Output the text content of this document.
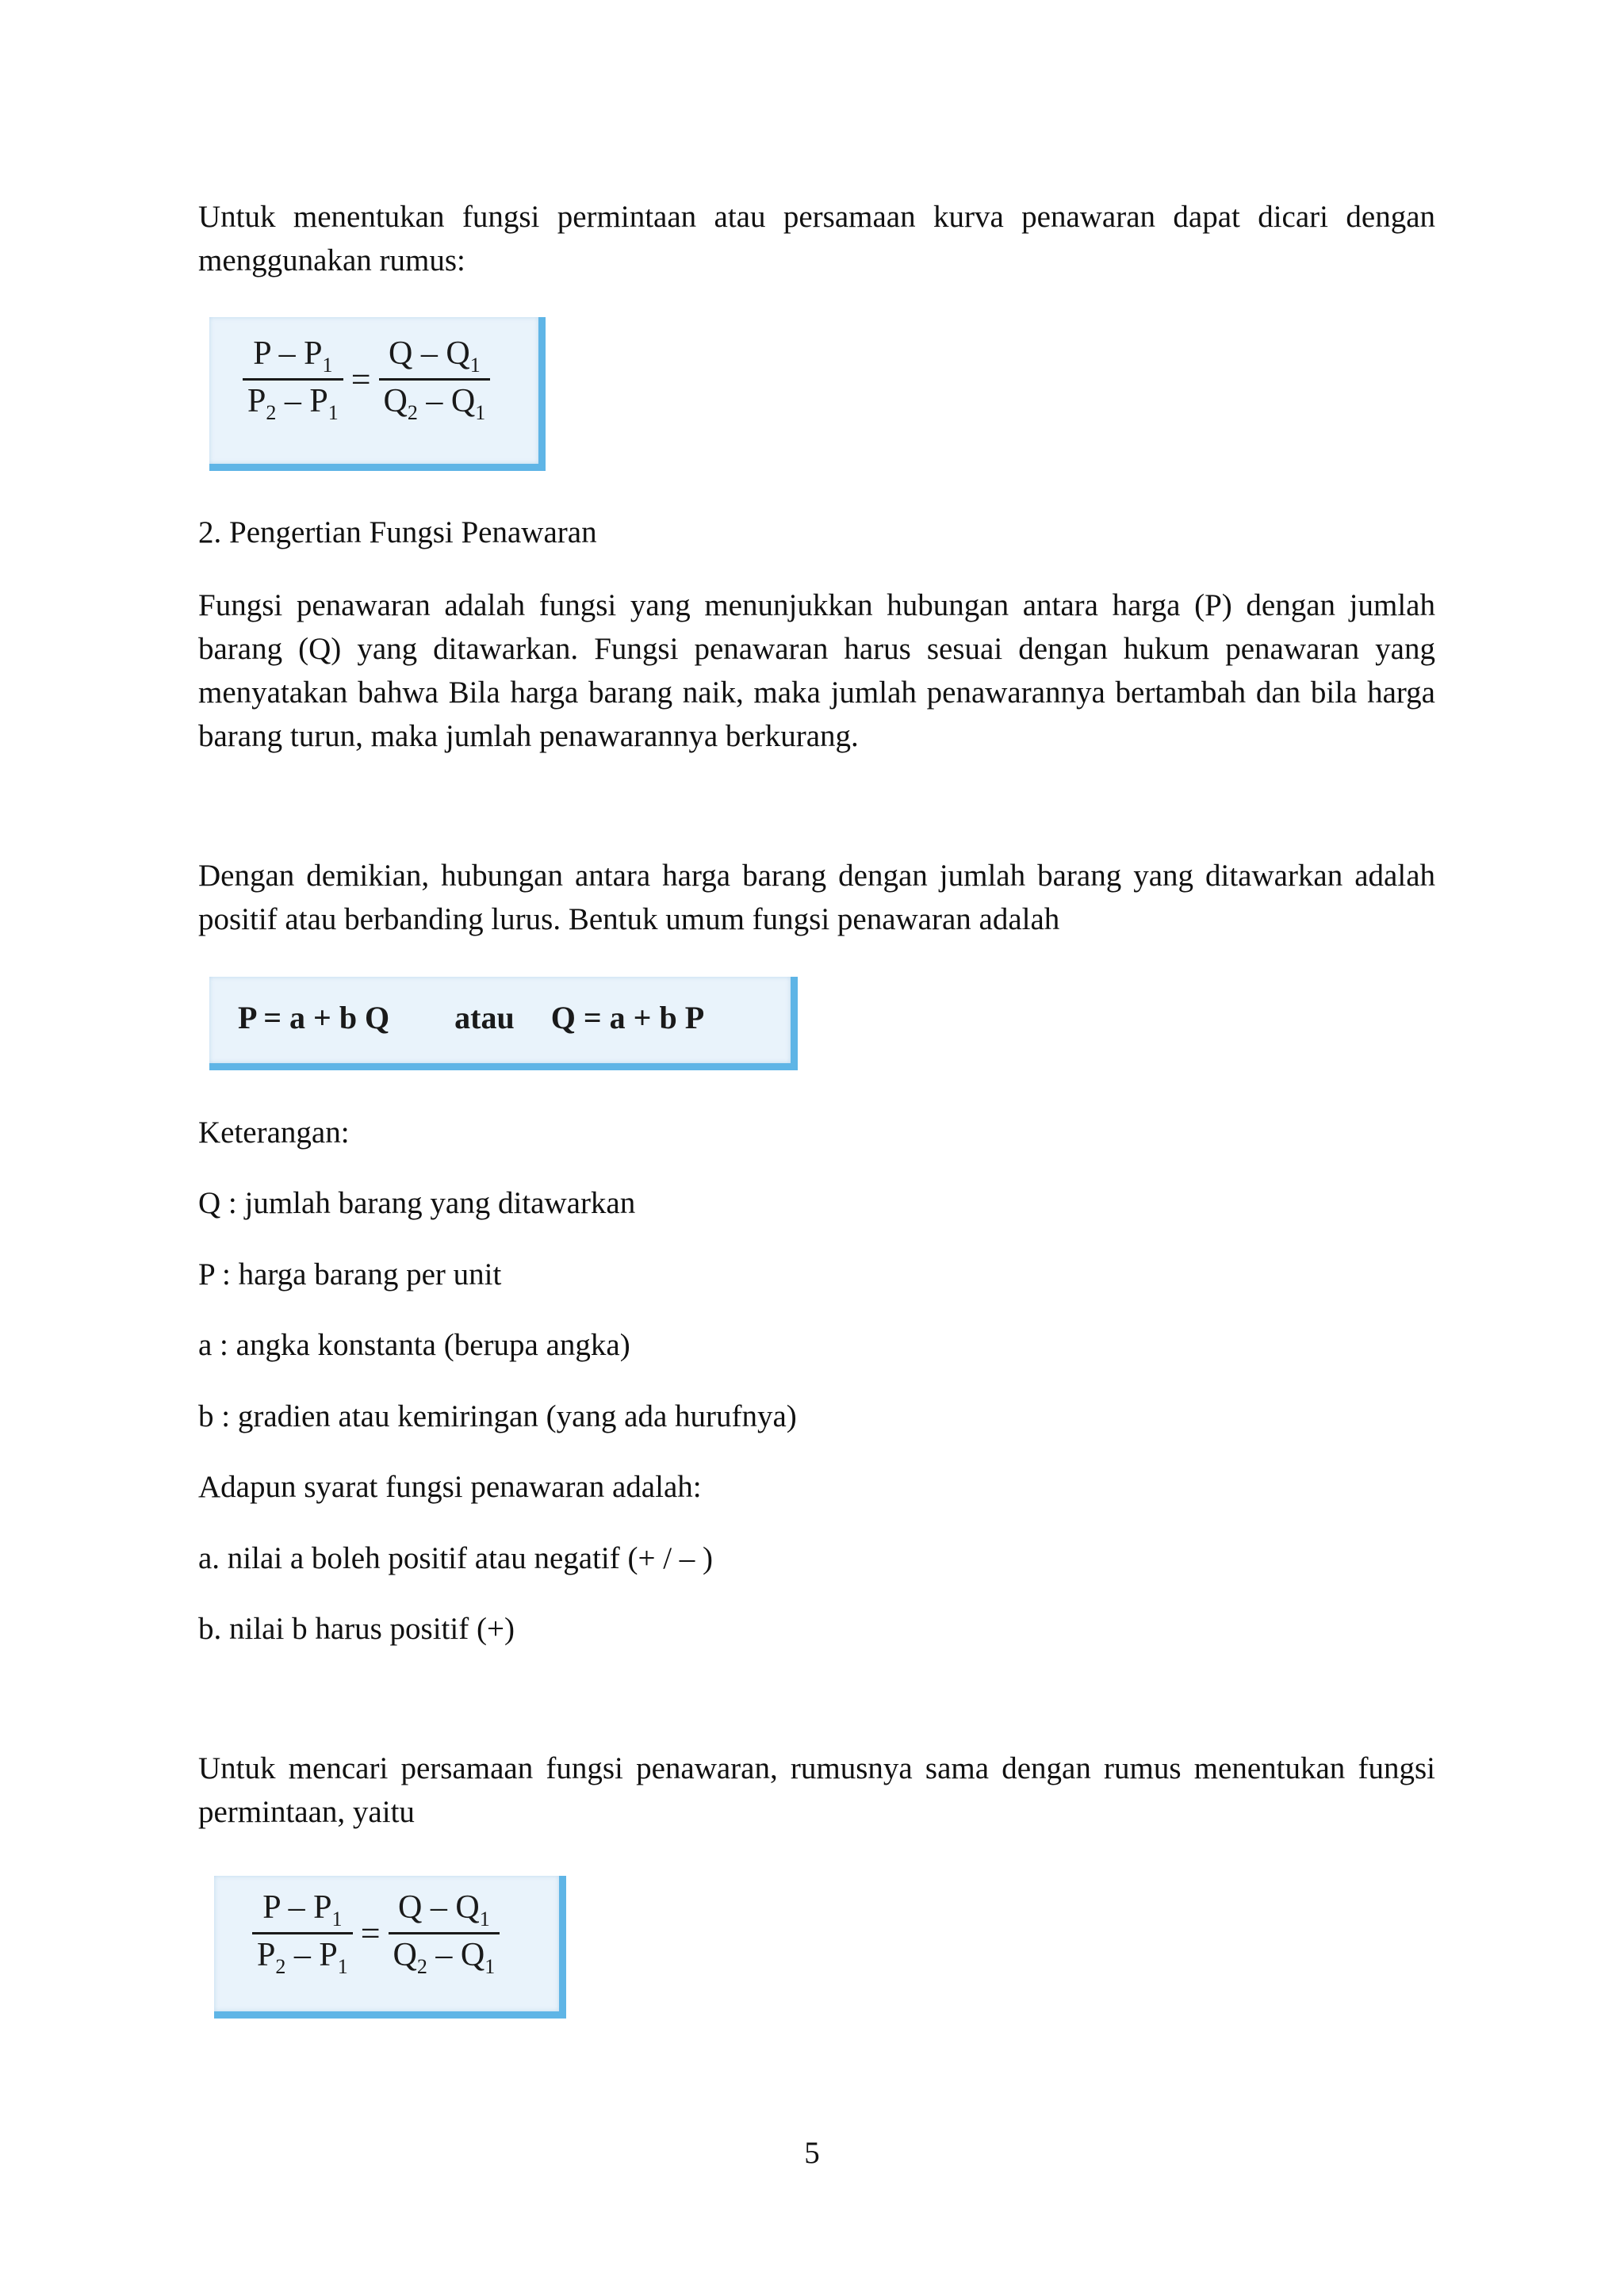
Untuk menentukan fungsi permintaan atau persamaan kurva penawaran dapat dicari dengan menggunakan rumus:

$\frac{P - P_1}{P_2 - P_1} = \frac{Q - Q_1}{Q_2 - Q_1}$

2. Pengertian Fungsi Penawaran

Fungsi penawaran adalah fungsi yang menunjukkan hubungan antara harga (P) dengan jumlah barang (Q) yang ditawarkan. Fungsi penawaran harus sesuai dengan hukum penawaran yang menyatakan bahwa Bila harga barang naik, maka jumlah penawarannya bertambah dan bila harga barang turun, maka jumlah penawarannya berkurang.

Dengan demikian, hubungan antara harga barang dengan jumlah barang yang ditawarkan adalah positif atau berbanding lurus. Bentuk umum fungsi penawaran adalah

P = a + b Q atau Q = a + b P

Keterangan:

Q : jumlah barang yang ditawarkan

P : harga barang per unit

a : angka konstanta (berupa angka)

b : gradien atau kemiringan (yang ada hurufnya)

Adapun syarat fungsi penawaran adalah:

a. nilai a boleh positif atau negatif (+ / – )

b. nilai b harus positif (+)

Untuk mencari persamaan fungsi penawaran, rumusnya sama dengan rumus menentukan fungsi permintaan, yaitu

$\frac{P - P_1}{P_2 - P_1} = \frac{Q - Q_1}{Q_2 - Q_1}$

5
